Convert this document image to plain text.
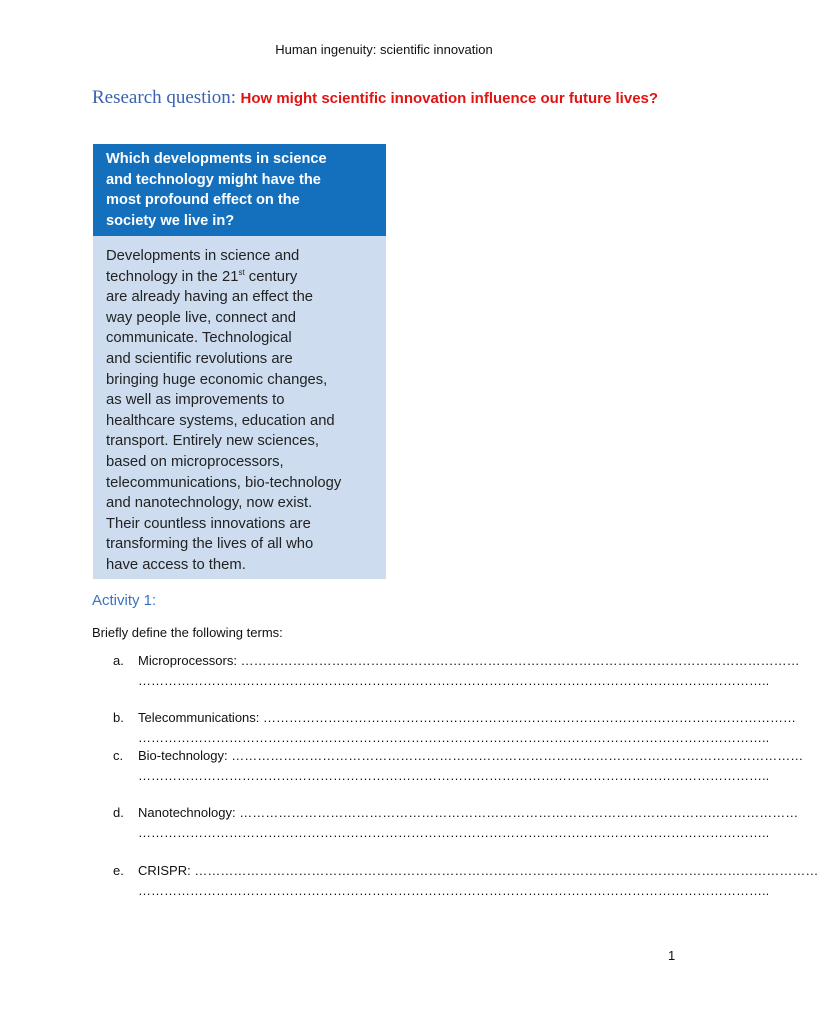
Human ingenuity: scientific innovation
Research question: How might scientific innovation influence our future lives?
Which developments in science
and technology might have the
most profound effect on the
society we live in?
Developments in science and
technology in the 21st century
are already having an effect the
way people live, connect and
communicate. Technological
and scientific revolutions are
bringing huge economic changes,
as well as improvements to
healthcare systems, education and
transport. Entirely new sciences,
based on microprocessors,
telecommunications, bio-technology
and nanotechnology, now exist.
Their countless innovations are
transforming the lives of all who
have access to them.
Activity 1:
Briefly define the following terms:
a. Microprocessors: …………………………………………………………………………………………………………………
………………………………………………………………………………………………………………………………..
b. Telecommunications: ……………………………………………………………………………………………………………
………………………………………………………………………………………………………………………………..
c. Bio-technology: ……………………………………………………………………………………………………………………
………………………………………………………………………………………………………………………………..
d. Nanotechnology: …………………………………………………………………………………………………………………
………………………………………………………………………………………………………………………………..
e. CRISPR: ………………………………………………………………………………………………………………………………
………………………………………………………………………………………………………………………………..
1
